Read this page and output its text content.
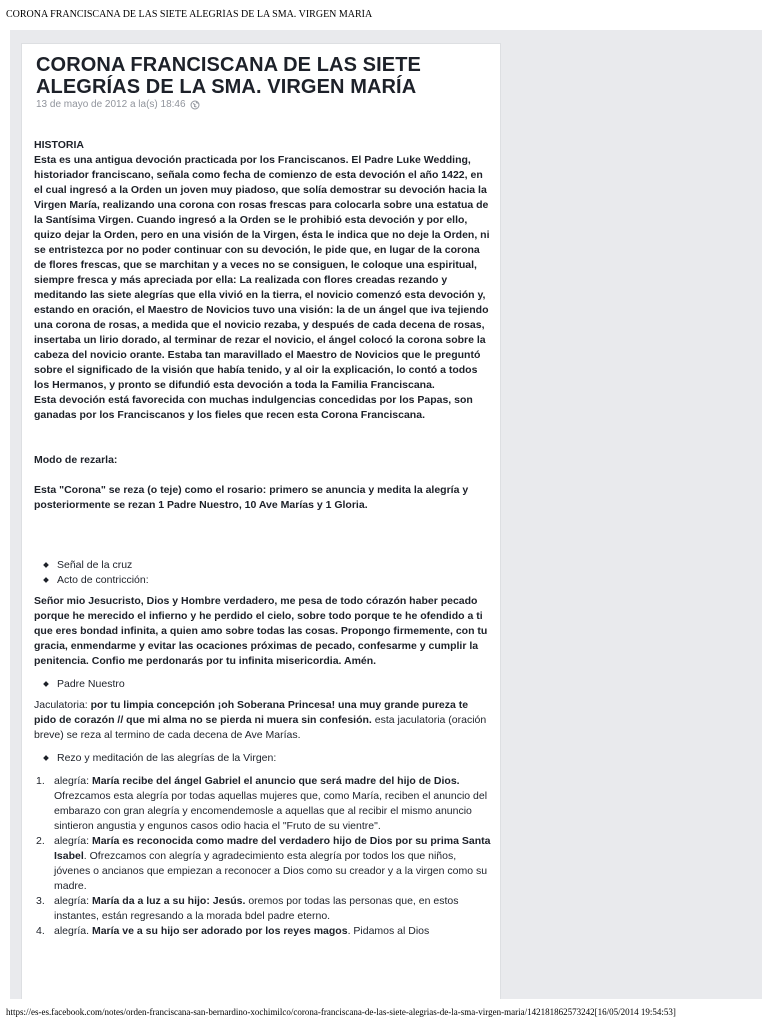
CORONA FRANCISCANA DE LAS SIETE ALEGRÍAS DE LA SMA. VIRGEN MARÍA
CORONA FRANCISCANA DE LAS SIETE ALEGRÍAS DE LA SMA. VIRGEN MARÍA
13 de mayo de 2012 a la(s) 18:46

HISTORIA

Esta es una antigua devoción practicada por los Franciscanos. El Padre Luke Wedding, historiador franciscano, señala como fecha de comienzo de esta devoción el año 1422, en el cual ingresó a la Orden un joven muy piadoso, que solía demostrar su devoción hacia la Virgen María, realizando una corona con rosas frescas para colocarla sobre una estatua de la Santísima Virgen. Cuando ingresó a la Orden se le prohibió esta devoción y por ello, quizo dejar la Orden, pero en una visión de la Virgen, ésta le indica que no deje la Orden, ni se entristezca por no poder continuar con su devoción, le pide que, en lugar de la corona de flores frescas, que se marchitan y a veces no se consiguen, le coloque una espiritual, siempre fresca y más apreciada por ella: La realizada con flores creadas rezando y meditando las siete alegrías que ella vivió en la tierra, el novicio comenzó esta devoción y, estando en oración, el Maestro de Novicios tuvo una visión: la de un ángel que iva tejiendo una corona de rosas, a medida que el novicio rezaba, y después de cada decena de rosas, insertaba un lirio dorado, al terminar de rezar el novicio, el ángel colocó la corona sobre la cabeza del novicio orante. Estaba tan maravillado el Maestro de Novicios que le preguntó sobre el significado de la visión que había tenido, y al oir la explicación, lo contó a todos los Hermanos, y pronto se difundió esta devoción a toda la Familia Franciscana.

Esta devoción está favorecida con muchas indulgencias concedidas por los Papas, son ganadas por los Franciscanos y los fieles que recen esta Corona Franciscana.

Modo de rezarla:

Esta "Corona" se reza (o teje) como el rosario: primero se anuncia y medita la alegría y posteriormente se rezan 1 Padre Nuestro, 10 Ave Marías y 1 Gloria.

Señal de la cruz
Acto de contricción:

Señor mio Jesucristo, Dios y Hombre verdadero, me pesa de todo córazón haber pecado porque he merecido el infierno y he perdido el cielo, sobre todo porque te he ofendido a ti que eres bondad infinita, a quien amo sobre todas las cosas. Propongo firmemente, con tu gracia, enmendarme y evitar las ocaciones próximas de pecado, confesarme y cumplir la penitencia. Confio me perdonarás por tu infinita misericordia. Amén.

Padre Nuestro

Jaculatoria: por tu limpia concepción ¡oh Soberana Princesa! una muy grande pureza te pido de corazón // que mi alma no se pierda ni muera sin confesión. esta jaculatoria (oración breve) se reza al termino de cada decena de Ave Marías.

Rezo y meditación de las alegrías de la Virgen:
1. alegría: María recibe del ángel Gabriel el anuncio que será madre del hijo de Dios. Ofrezcamos esta alegría por todas aquellas mujeres que, como María, reciben el anuncio del embarazo con gran alegría y encomendemosle a aquellas que al recibir el mismo anuncio sintieron angustia y engunos casos odio hacia el "Fruto de su vientre".
2. alegría: María es reconocida como madre del verdadero hijo de Dios por su prima Santa Isabel. Ofrezcamos con alegría y agradecimiento esta alegría por todos los que niños, jóvenes o ancianos que empiezan a reconocer a Dios como su creador y a la virgen como su madre.
3. alegría: María da a luz a su hijo: Jesús. oremos por todas las personas que, en estos instantes, están regresando a la morada bdel padre eterno.
4. alegría. María ve a su hijo ser adorado por los reyes magos. Pidamos al Dios
https://es-es.facebook.com/notes/orden-franciscana-san-bernardino-xochimilco/corona-franciscana-de-las-siete-alegrias-de-la-sma-virgen-maria/142181862573242[16/05/2014 19:54:53]
